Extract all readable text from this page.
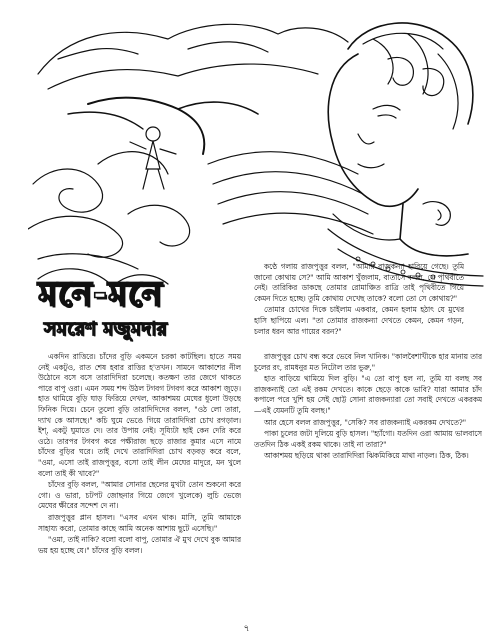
মনে-মনে
সমরেশ মজুমদার

কণ্ঠে গলায় রাজপুত্তুর বলল, "আমার রাজকন্যা হারিয়ে গেছে। তুমি জানো কোথায় সে?" আমি আকাশ খুঁজলাম, বাতাসে বলল, সে পৃথিবীতে নেই। তারিকির ডাকছে তোমার রোমাঞ্চিত রাত্রি তাই পৃথিবীতে গিয়ে কেমন দিতে হচ্ছে। তুমি কোথায় দেখেছ তাকে? বলো তো সে কোথায়?"

তোমার চোখের দিকে চাইলাম একবার, কেমন হলাম হঠাৎ যে মুখের হাসি ছাপিয়ে এল। "তা তোমার রাজকন্যা দেখতে কেমন, কেমন গড়ন, চলার ধরন আর গায়ের বরন?"

একদিন রাত্তিরে। চাঁদের বুড়ি একমনে চরকা কাটছিল। হাতে সময় নেই একটুও, রাত শেষ হবার রাত্তির হ'তখন। সামনে আকাশের নীল উঠোনে বসে বসে তারাদিদিরা চলেছে। কতক্ষণ তার জেগে থাকতে পারে বাপু ওরা। এমন সময় শব্দ উঠল টগবগ টগবগ করে আকাশ জুড়ে। হাত থামিয়ে বুড়ি ঘাড় ফিরিয়ে দেখল, আকাশময় মেঘের ধুলো উড়ছে ফিনিক দিয়ে। চেনে তুলো বুড়ি তারাদিদিদের বলল, "ওঠ লো তারা, দ্যাখ কে আসছে।" কচি ঘুমে ভেঙে গিয়ে তারাদিদিরা চোখ রগড়াল। ইশ্, একটু ঘুমাতে দে। তার উপায় নেই। সূয্যিটা ছাই কেন দেরি করে ওঠে। তারপর টগবগ করে পক্ষীরাজ ছড়ে রাজার কুমার এসে নামে চাঁদের বুড়ির ঘরে। তাই দেখে তারাদিদিরা চোখ বড়বড় করে বলে, "ওমা, এসো তাই রাজপুত্তুর, বসো তাই লীন মেঘের মাদুরে, মন খুলে বলো তাই কী খাবে?"

চাঁদের বুড়ি বলল, "আমার সোনার ছেলের মুখটা তোন শুকনো করে গো। ও ভারা, চটপট জোছনার গিয়ে জেগে খুলেকে) লুচি ভেজে মেঘের ক্ষীরের সন্দেশ দে না।

রাজপুত্তুর প্লান হাসল। "এসব এখন থাক। মাসি, তুমি আমাকে সাহায্য করো, তোমার কাছে আমি অনেক আশায় ছুটে এসেছি।"

"ওমা, তাই নাকি? বলো বলো বাপু, তোমার ঐ মুখ দেখে বুক আমার ভয় হয় হচ্ছে যে।" চাঁদের বুড়ি বলল।

রাজপুত্তুর চোখ বন্ধ করে ভেবে নিল খানিক। "কালবৈশাখীকে হার মানায় তার চুলের রং, রামধনুর মত নিটোল তার ভুরু,"

হাত বাড়িয়ে থামিয়ে দিল বুড়ি। "এ তো বাপু হল না, তুমি যা বলছ সব রাজকন্যাই তো এই রকম দেখতে। কাকে ছেড়ে কাকে ভাবি? যারা আমার চাঁদ কপালে পরে খুশি হয় সেই ছোট্ট সোনা রাজকন্যারা তো সবাই দেখতে একরকম—এই যেমনটি তুমি বলছ।"

আর হেসে বলল রাজপুত্তুর, "সেকি? সব রাজকন্যাই একরকম দেখতে?"

পাকা চুলের জটা দুলিয়ে বুড়ি হাসল। "হ্যাঁগো। যতদিন ওরা আমায় ভালবাসে ততদিন ঠিক একই রকম থাকে। তাই না তারা?"

আকাশময় ছড়িয়ে থাকা তারাদিদিরা ঝিকমিকিয়ে মাথা নাড়ল। ঠিক, ঠিক।

৭
